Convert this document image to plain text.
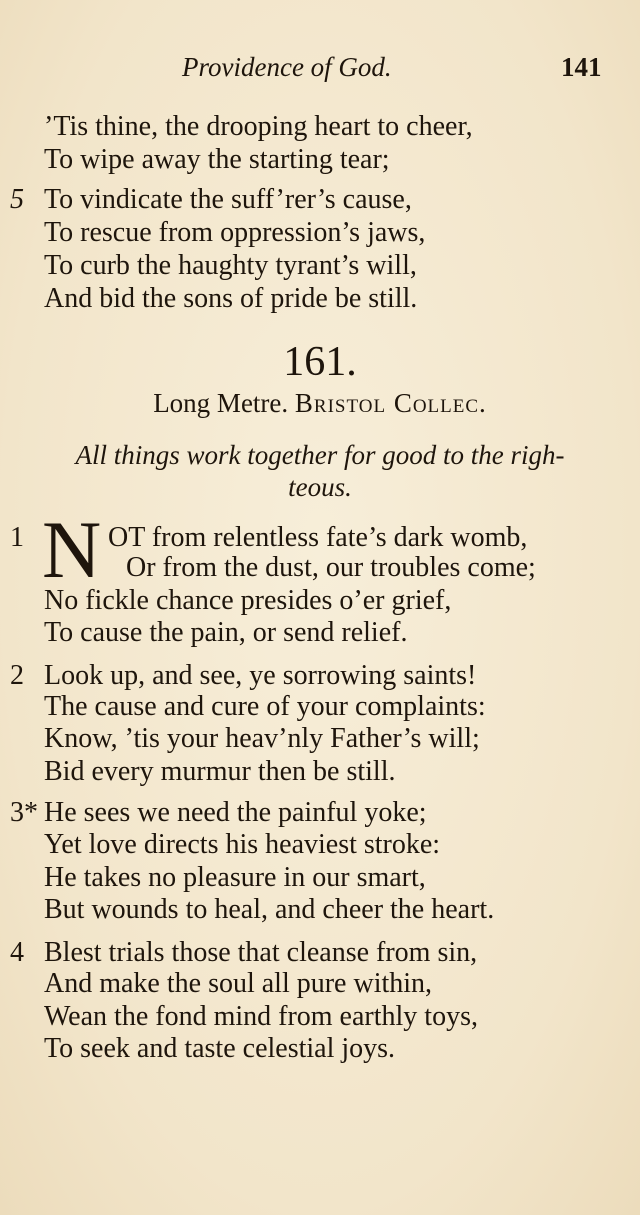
Providence of God.	141
’Tis thine, the drooping heart to cheer,
To wipe away the starting tear;
5 To vindicate the suff’rer’s cause,
To rescue from oppression’s jaws,
To curb the haughty tyrant’s will,
And bid the sons of pride be still.
161.
Long Metre. Bristol Collec.
All things work together for good to the righ-
teous.
1 N OT from relentless fate’s dark womb,
Or from the dust, our troubles come;
No fickle chance presides o’er grief,
To cause the pain, or send relief.
2 Look up, and see, ye sorrowing saints!
The cause and cure of your complaints:
Know, ’tis your heav’nly Father’s will;
Bid every murmur then be still.
3* He sees we need the painful yoke;
Yet love directs his heaviest stroke:
He takes no pleasure in our smart,
But wounds to heal, and cheer the heart.
4 Blest trials those that cleanse from sin,
And make the soul all pure within,
Wean the fond mind from earthly toys,
To seek and taste celestial joys.
